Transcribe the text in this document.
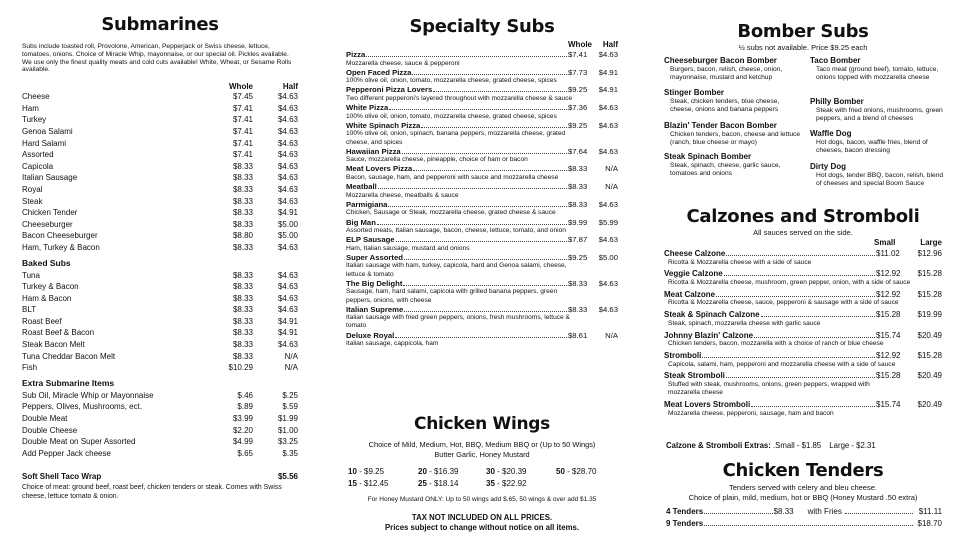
Submarines

Subs include toasted roll, Provolone, American, Pepperjack or Swiss cheese, lettuce, tomatoes, onions. Choice of Miracle Whip, mayonnaise, or our special oil. Pickles available. We use only the finest quality meats and cold cuts available! White, Wheat, or Sesame Rolls available.

Whole	Half
Cheese	$7.45	$4.63
Ham	$7.41	$4.63
Turkey	$7.41	$4.63
Genoa Salami	$7.41	$4.63
Hard Salami	$7.41	$4.63
Assorted	$7.41	$4.63
Capicola	$8.33	$4.63
Italian Sausage	$8.33	$4.63
Royal	$8.33	$4.63
Steak	$8.33	$4.63
Chicken Tender	$8.33	$4.91
Cheeseburger	$8.33	$5.00
Bacon Cheeseburger	$8.80	$5.00
Ham, Turkey & Bacon	$8.33	$4.63
Baked Subs
Tuna	$8.33	$4.63
Turkey & Bacon	$8.33	$4.63
Ham & Bacon	$8.33	$4.63
BLT	$8.33	$4.63
Roast Beef	$8.33	$4.91
Roast Beef & Bacon	$8.33	$4.91
Steak Bacon Melt	$8.33	$4.63
Tuna Cheddar Bacon Melt	$8.33	N/A
Fish	$10.29	N/A
Extra Submarine Items
Sub Oil, Miracle Whip or Mayonnaise	$.46	$.25
Peppers, Olives, Mushrooms, ect.	$.89	$.59
Double Meat	$3.99	$1.99
Double Cheese	$2.20	$1.00
Double Meat on Super Assorted	$4.99	$3.25
Add Pepper Jack cheese	$.65	$.35
Soft Shell Taco Wrap	$5.56

Choice of meat: ground beef, roast beef, chicken tenders or steak. Comes with Swiss cheese, lettuce tomato & onion.

Specialty Subs
Whole	Half
Pizza	$7.41	$4.63
Mozzarella cheese, sauce & pepperoni
Open Faced Pizza	$7.73	$4.91
100% olive oil, onion, tomato, mozzarella cheese, grated cheese, spices
Pepperoni Pizza Lovers	$9.25	$4.91
Two different pepperoni's layered throughout with mozzarella cheese & sauce
White Pizza	$7.36	$4.63
100% olive oil, onion, tomato, mozzarella cheese, grated cheese, spices
White Spinach Pizza	$9.25	$4.63
100% olive oil, onion, spinach, banana peppers, mozzarella cheese, grated cheese, and spices
Hawaiian Pizza	$7.64	$4.63
Sauce, mozzarella cheese, pineapple, choice of ham or bacon
Meat Lovers Pizza	$8.33	N/A
Bacon, sausage, ham, and pepperoni with sauce and mozzarella cheese
Meatball	$8.33	N/A
Mozzarella cheese, meatballs & sauce
Parmigiana	$8.33	$4.63
Chicken, Sausage or Steak, mozzarella cheese, grated cheese & sauce
Big Man	$9.99	$5.99
Assorted meats, Italian sausage, bacon, cheese, lettuce, tomato, and onion
ELP Sausage	$7.87	$4.63
Ham, Italian sausage, mustard and onions
Super Assorted	$9.25	$5.00
Italian sausage with ham, turkey, capicola, hard and Genoa salami, cheese, lettuce & tomato
The Big Delight	$8.33	$4.63
Sausage, ham, hard salami, capicola with grilled banana peppers, green peppers, onions, with cheese
Italian Supreme	$8.33	$4.63
Italian sausage with fried green peppers, onions, fresh mushrooms, lettuce & tomato
Deluxe Royal	$8.61	N/A
Italian sausage, cappicola, ham
Chicken Wings

Choice of Mild, Medium, Hot, BBQ, Medium BBQ or (Up to 50 Wings)

Butter Garlic, Honey Mustard

10 - $9.25	20 - $16.39	30 - $20.39	50 - $28.70
15 - $12.45	25 - $18.14	35 - $22.92

For Honey Mustard ONLY: Up to 50 wings add $.65, 50 wings & over add $1.35

TAX NOT INCLUDED ON ALL PRICES.

Prices subject to change without notice on all items.

Bomber Subs

½ subs not available. Price $9.25 each

Cheeseburger Bacon Bomber
Burgers, bacon, relish, cheese, onion, mayonnaise, mustard and ketchup
Taco Bomber
Taco meat (ground beef), tomato, lettuce, onions topped with mozzarella cheese
Stinger Bomber
Steak, chicken tenders, blue cheese, cheese, onions and banana peppers
Philly Bomber
Steak with fried onions, mushrooms, green peppers, and a blend of cheeses
Blazin' Tender Bacon Bomber
Chicken tenders, bacon, cheese and lettuce (ranch, blue cheese or mayo)
Waffle Dog
Hot dogs, bacon, waffle fries, blend of cheeses, bacon dressing
Steak Spinach Bomber
Steak, spinach, cheese, garlic sauce, tomatoes and onions
Dirty Dog
Hot dogs, tender BBQ, bacon, relish, blend of cheeses and special Boom Sauce
Calzones and Stromboli

All sauces served on the side.

Small	Large
Cheese Calzone	$11.02	$12.96
Ricotta & Mozzarella cheese with a side of sauce
Veggie Calzone	$12.92	$15.28
Ricotta & Mozzarella cheese, mushroom, green pepper, onion, with a side of sauce
Meat Calzone	$12.92	$15.28
Ricotta & Mozzarella cheese, sauce, pepperoni & sausage with a side of sauce
Steak & Spinach Calzone	$15.28	$19.99
Steak, spinach, mozzarella cheese with garlic sauce
Johnny Blazin' Calzone	$15.74	$20.49
Chicken tenders, bacon, mozzarella with a choice of ranch or blue cheese
Stromboli	$12.92	$15.28
Capicola, salami, ham, pepperoni and mozzarella cheese with a side of sauce
Steak Stromboli	$15.28	$20.49
Stuffed with steak, mushrooms, onions, green peppers, wrapped with mozzarella cheese
Meat Lovers Stromboli	$15.74	$20.49
Mozzarella cheese, pepperoni, sausage, ham and bacon
Calzone & Stromboli Extras: .Small - $1.85 Large - $2.31
Chicken Tenders

Tenders served with celery and bleu cheese.

Choice of plain, mild, medium, hot or BBQ (Honey Mustard .50 extra)

4 Tenders	$8.33	with Fries	$11.11
9 Tenders	$18.70
